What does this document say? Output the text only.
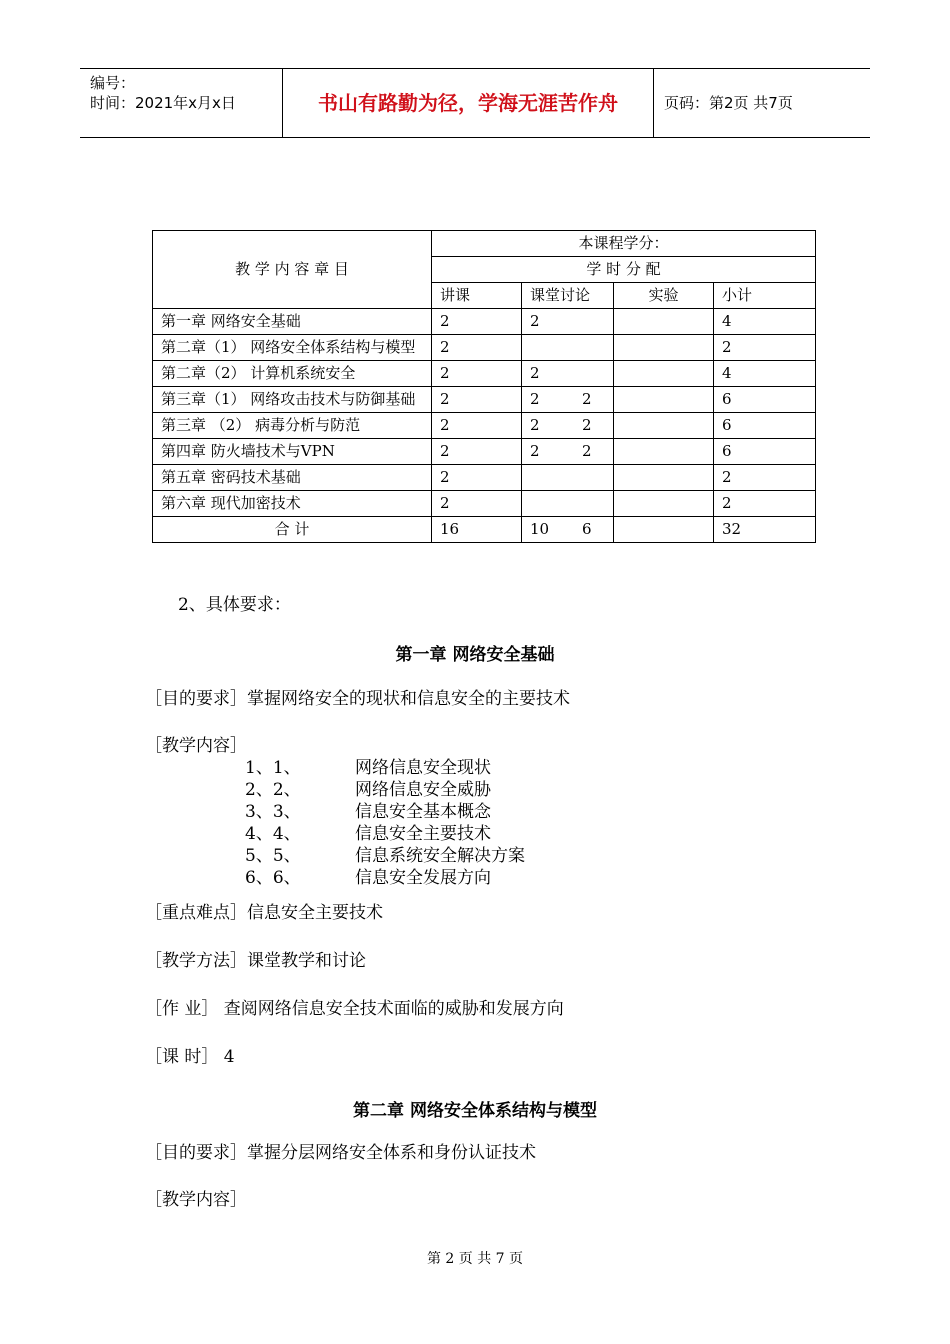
编号：
时间：2021年x月x日	书山有路勤为径，学海无涯苦作舟	页码：第2页 共7页
教 学 内 容 章 目	本课程学分：			
	学 时 分 配			
	讲课	课堂讨论	实验	小计
第一章 网络安全基础	2	2		4
第二章（1） 网络安全体系结构与模型	2			2
第二章（2） 计算机系统安全	2	2		4
第三章（1） 网络攻击技术与防御基础	2	2 2		6
第三章 （2） 病毒分析与防范	2	2 2		6
第四章 防火墙技术与VPN	2	2 2		6
第五章 密码技术基础	2			2
第六章 现代加密技术	2			2
合 计	16	10 6		32
2、具体要求：
第一章 网络安全基础
［目的要求］掌握网络安全的现状和信息安全的主要技术
［教学内容］
1、1、	网络信息安全现状
2、2、	网络信息安全威胁
3、3、	信息安全基本概念
4、4、	信息安全主要技术
5、5、	信息系统安全解决方案
6、6、	信息安全发展方向
［重点难点］信息安全主要技术
［教学方法］课堂教学和讨论
［作 业］ 查阅网络信息安全技术面临的威胁和发展方向
［课 时］ 4
第二章 网络安全体系结构与模型
［目的要求］掌握分层网络安全体系和身份认证技术
［教学内容］
第 2 页 共 7 页
